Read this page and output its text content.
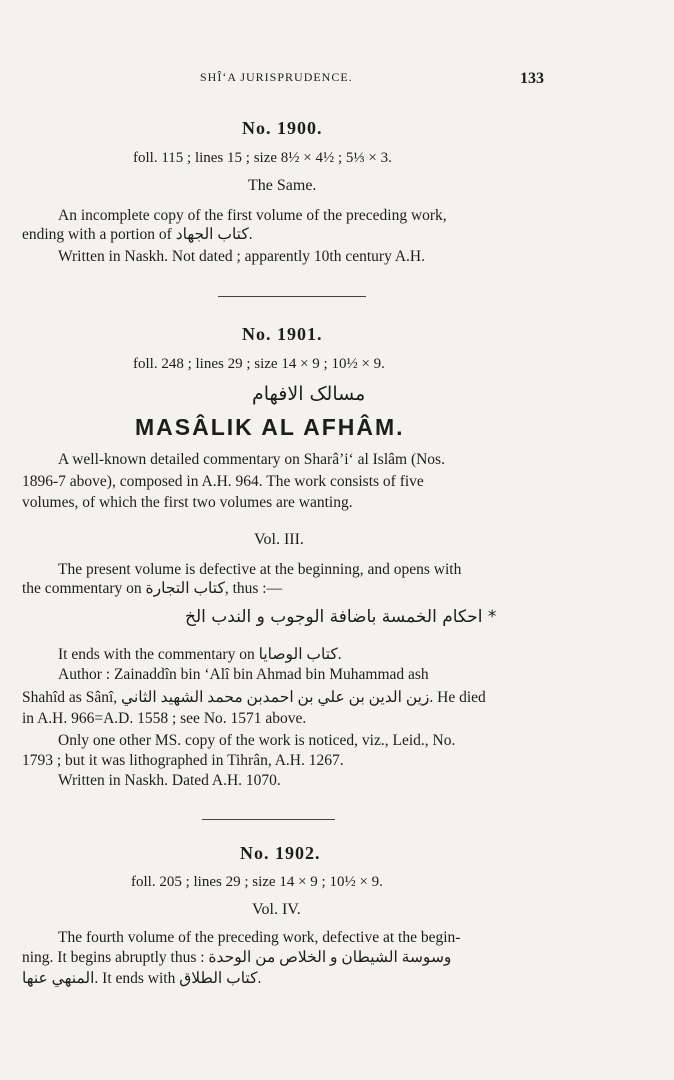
SHÎ‘A JURISPRUDENCE.	133
No. 1900.
foll. 115 ; lines 15 ; size 8½ × 4½ ; 5⅓ × 3.
The Same.
An incomplete copy of the first volume of the preceding work,
ending with a portion of كتاب الجهاد.
Written in Naskh. Not dated ; apparently 10th century A.H.
No. 1901.
foll. 248 ; lines 29 ; size 14 × 9 ; 10½ × 9.
مسالک الافهام
MASÂLIK AL AFHÂM.
A well-known detailed commentary on Sharâ’i‘ al Islâm (Nos.
1896-7 above), composed in A.H. 964. The work consists of five
volumes, of which the first two volumes are wanting.
Vol. III.
The present volume is defective at the beginning, and opens with
the commentary on كتاب التجارة, thus :—
احكام الخمسة باضافة الوجوب و الندب الخ *
It ends with the commentary on كتاب الوصايا.
Author : Zainaddîn bin ‘Alî bin Ahmad bin Muhammad ash
Shahîd as Sânî, زين الدين بن علي بن احمدبن محمد الشهيد الثاني. He died
in A.H. 966=A.D. 1558 ; see No. 1571 above.
Only one other MS. copy of the work is noticed, viz., Leid., No.
1793 ; but it was lithographed in Tihrân, A.H. 1267.
Written in Naskh. Dated A.H. 1070.
No. 1902.
foll. 205 ; lines 29 ; size 14 × 9 ; 10½ × 9.
Vol. IV.
The fourth volume of the preceding work, defective at the begin-
ning. It begins abruptly thus : وسوسة الشيطان و الخلاص من الوحدة
المنهي عنها. It ends with كتاب الطلاق.
